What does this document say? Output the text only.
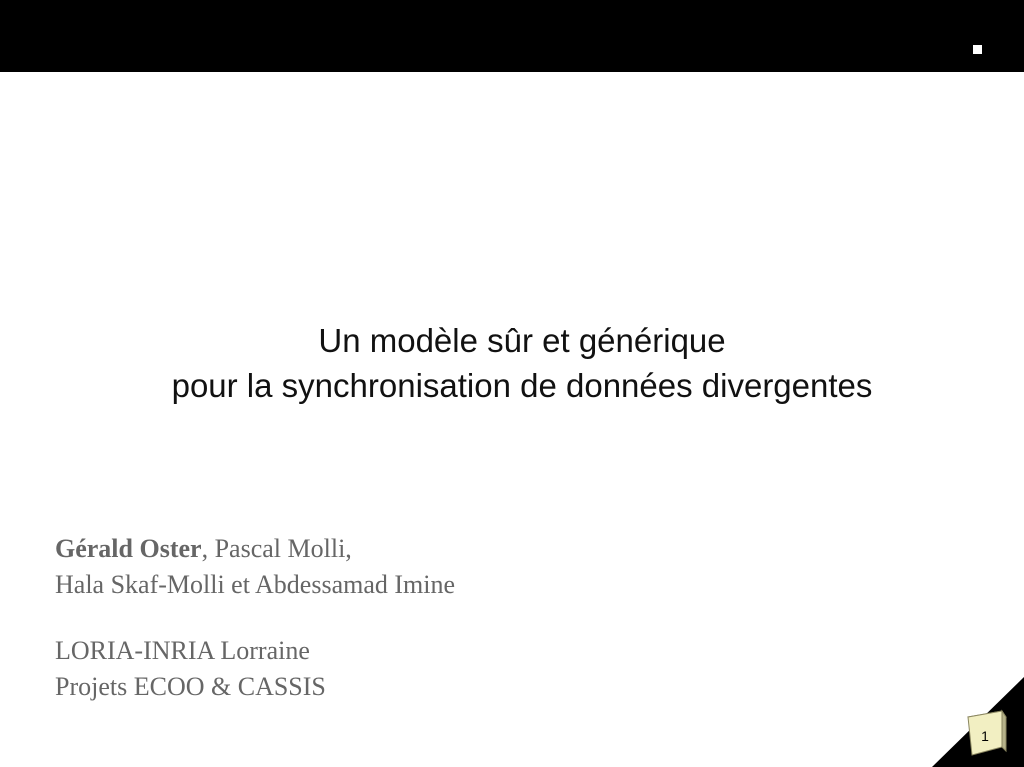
Un modèle sûr et générique
pour la synchronisation de données divergentes
Gérald Oster, Pascal Molli,
Hala Skaf-Molli et Abdessamad Imine
LORIA-INRIA Lorraine
Projets ECOO & CASSIS
1
